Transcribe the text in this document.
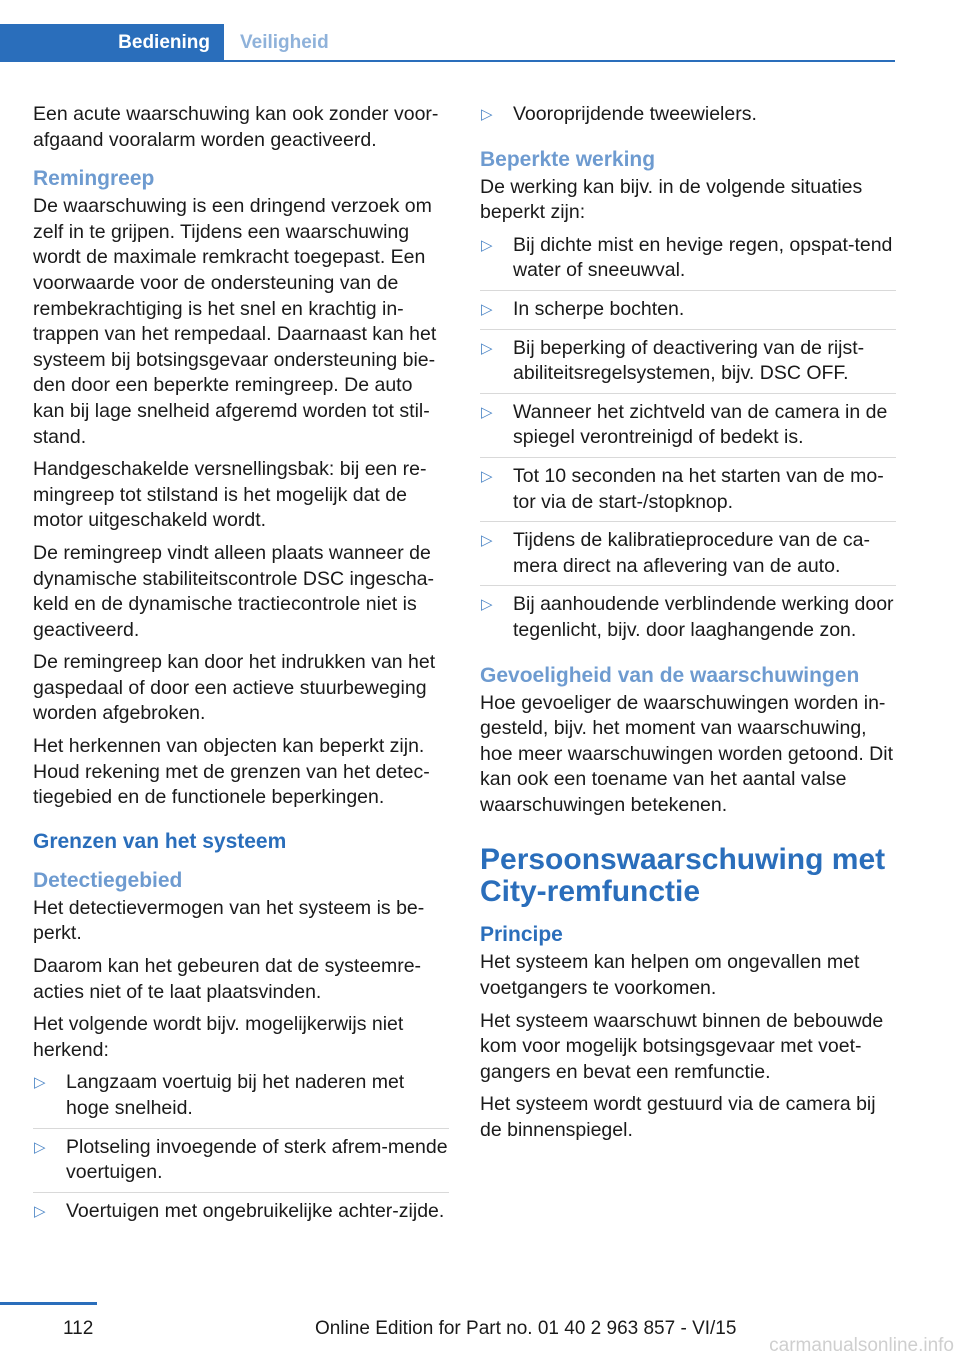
Bediening	Veiligheid

Een acute waarschuwing kan ook zonder voor-afgaand vooralarm worden geactiveerd.

Remingreep

De waarschuwing is een dringend verzoek om zelf in te grijpen. Tijdens een waarschuwing wordt de maximale remkracht toegepast. Een voorwaarde voor de ondersteuning van de rembekrachtiging is het snel en krachtig in-trappen van het rempedaal. Daarnaast kan het systeem bij botsingsgevaar ondersteuning bie-den door een beperkte remingreep. De auto kan bij lage snelheid afgeremd worden tot stil-stand.

Handgeschakelde versnellingsbak: bij een re-mingreep tot stilstand is het mogelijk dat de motor uitgeschakeld wordt.

De remingreep vindt alleen plaats wanneer de dynamische stabiliteitscontrole DSC ingescha-keld en de dynamische tractiecontrole niet is geactiveerd.

De remingreep kan door het indrukken van het gaspedaal of door een actieve stuurbeweging worden afgebroken.

Het herkennen van objecten kan beperkt zijn. Houd rekening met de grenzen van het detec-tiegebied en de functionele beperkingen.

Grenzen van het systeem
Detectiegebied

Het detectievermogen van het systeem is be-perkt.

Daarom kan het gebeuren dat de systeemre-acties niet of te laat plaatsvinden.

Het volgende wordt bijv. mogelijkerwijs niet herkend:

▷ Langzaam voertuig bij het naderen met hoge snelheid.
▷ Plotseling invoegende of sterk afrem-mende voertuigen.
▷ Voertuigen met ongebruikelijke achter-zijde.
▷ Vooroprijdende tweewielers.
Beperkte werking

De werking kan bijv. in de volgende situaties beperkt zijn:

▷ Bij dichte mist en hevige regen, opspat-tend water of sneeuwval.
▷ In scherpe bochten.
▷ Bij beperking of deactivering van de rijst-abiliteitsregelsystemen, bijv. DSC OFF.
▷ Wanneer het zichtveld van de camera in de spiegel verontreinigd of bedekt is.
▷ Tot 10 seconden na het starten van de mo-tor via de start-/stopknop.
▷ Tijdens de kalibratieprocedure van de ca-mera direct na aflevering van de auto.
▷ Bij aanhoudende verblindende werking door tegenlicht, bijv. door laaghangende zon.
Gevoeligheid van de waarschuwingen

Hoe gevoeliger de waarschuwingen worden in-gesteld, bijv. het moment van waarschuwing, hoe meer waarschuwingen worden getoond. Dit kan ook een toename van het aantal valse waarschuwingen betekenen.

Persoonswaarschuwing met City-remfunctie
Principe

Het systeem kan helpen om ongevallen met voetgangers te voorkomen.

Het systeem waarschuwt binnen de bebouwde kom voor mogelijk botsingsgevaar met voet-gangers en bevat een remfunctie.

Het systeem wordt gestuurd via de camera bij de binnenspiegel.

112	Online Edition for Part no. 01 40 2 963 857 - VI/15
carmanualsonline.info
